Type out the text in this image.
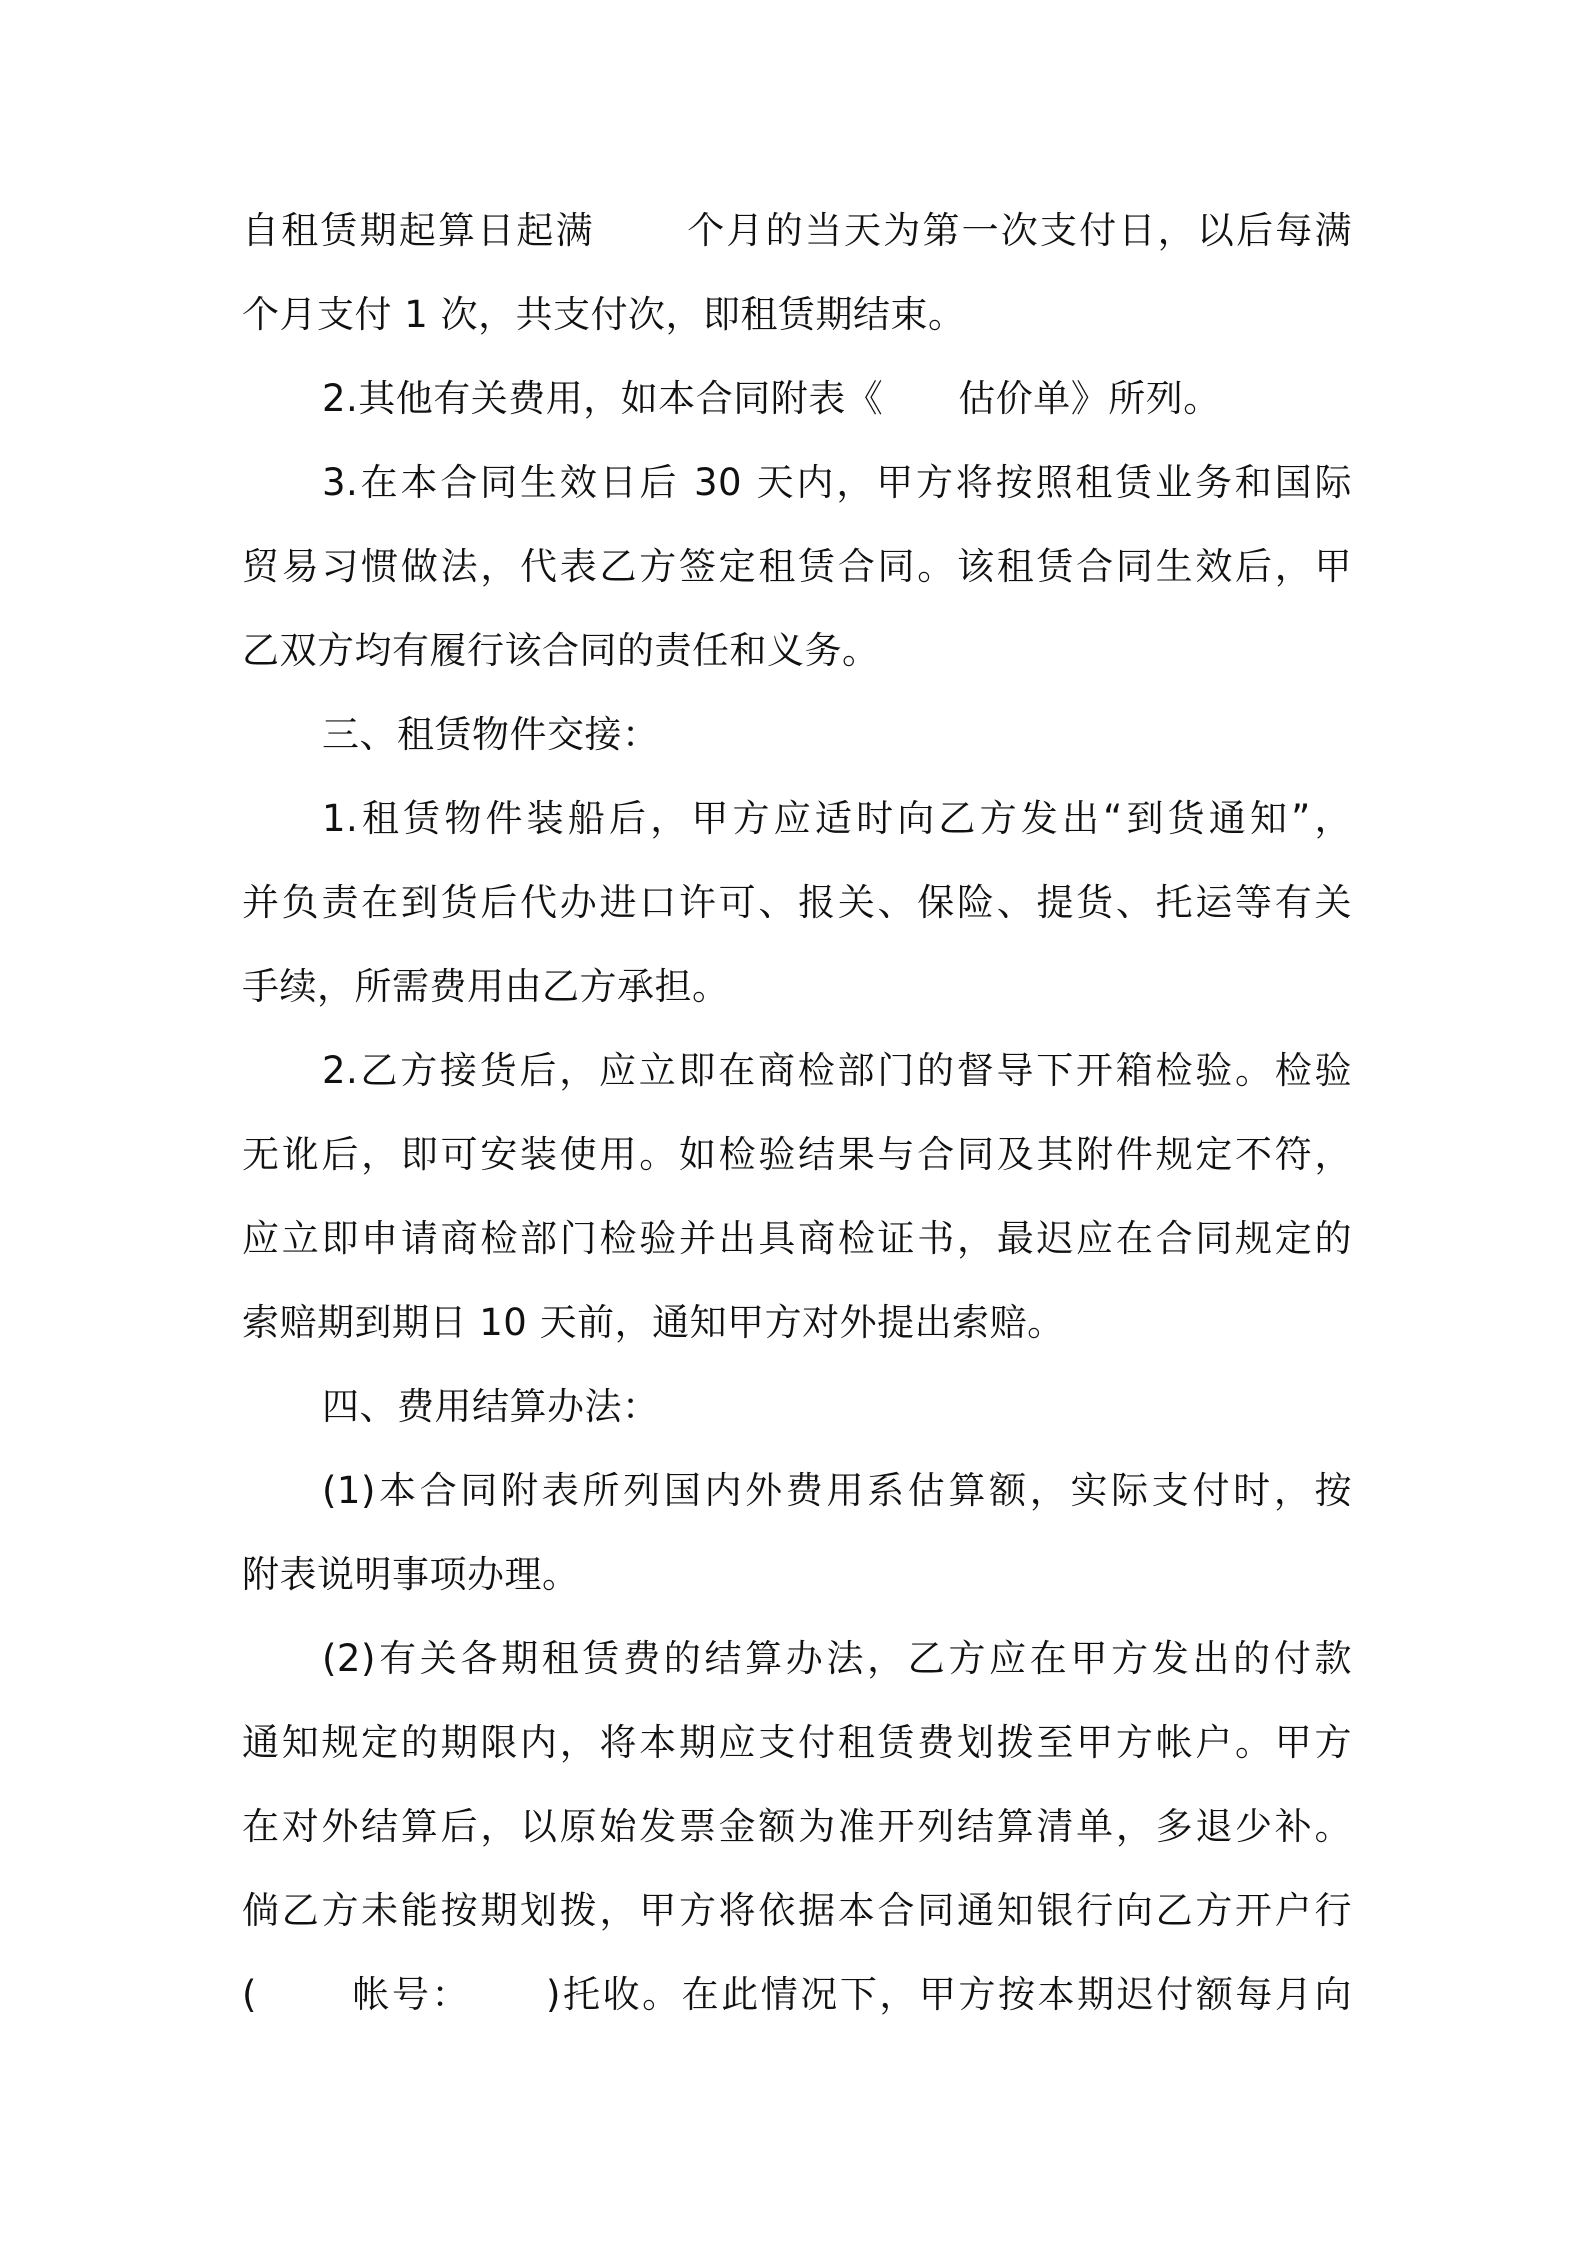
自租赁期起算日起满　　 个月的当天为第一次支付日，以后每满
个月支付 1 次，共支付次，即租赁期结束。
2.其他有关费用，如本合同附表《　　估价单》所列。
3.在本合同生效日后 30 天内，甲方将按照租赁业务和国际
贸易习惯做法，代表乙方签定租赁合同。该租赁合同生效后，甲
乙双方均有履行该合同的责任和义务。
三、租赁物件交接：
1.租赁物件装船后，甲方应适时向乙方发出“到货通知”，
并负责在到货后代办进口许可、报关、保险、提货、托运等有关
手续，所需费用由乙方承担。
2.乙方接货后，应立即在商检部门的督导下开箱检验。检验
无讹后，即可安装使用。如检验结果与合同及其附件规定不符，
应立即申请商检部门检验并出具商检证书，最迟应在合同规定的
索赔期到期日 10 天前，通知甲方对外提出索赔。
四、费用结算办法：
(1)本合同附表所列国内外费用系估算额，实际支付时，按
附表说明事项办理。
(2)有关各期租赁费的结算办法，乙方应在甲方发出的付款
通知规定的期限内，将本期应支付租赁费划拨至甲方帐户。甲方
在对外结算后，以原始发票金额为准开列结算清单，多退少补。
倘乙方未能按期划拨，甲方将依据本合同通知银行向乙方开户行
(　　 帐号：　　 )托收。在此情况下，甲方按本期迟付额每月向
